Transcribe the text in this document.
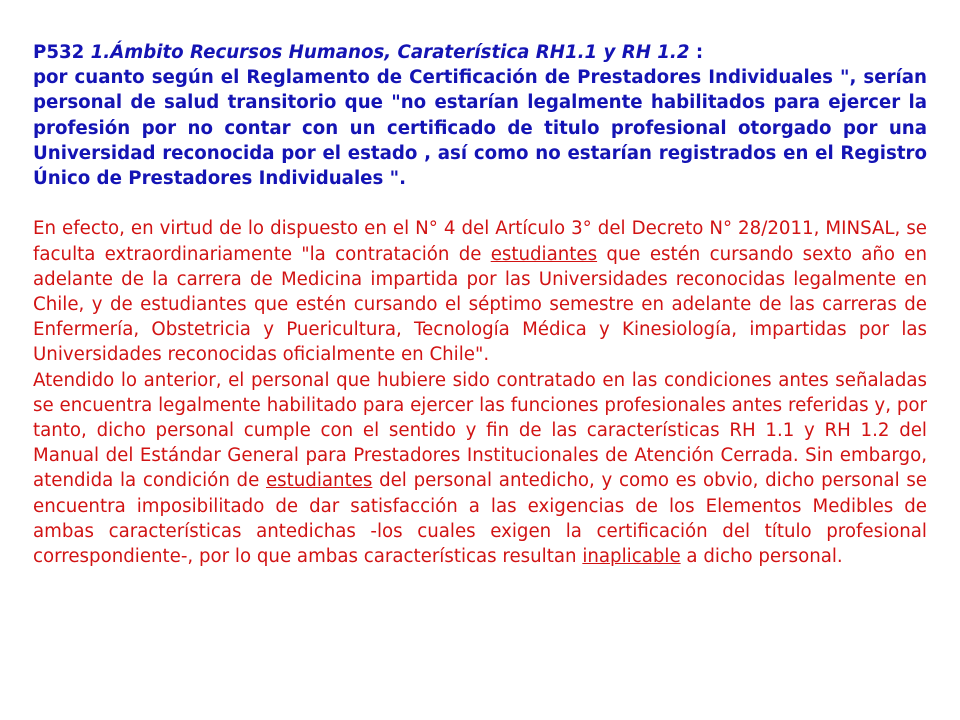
P532 1.Ámbito Recursos Humanos, Caraterística RH1.1 y RH 1.2 :
por cuanto según el Reglamento de Certificación de Prestadores Individuales ", serían personal de salud transitorio que "no estarían legalmente habilitados para ejercer la profesión por no contar con un certificado de titulo profesional otorgado por una Universidad reconocida por el estado , así como no estarían registrados en el Registro Único de Prestadores Individuales ".

En efecto, en virtud de lo dispuesto en el N° 4 del Artículo 3° del Decreto N° 28/2011, MINSAL, se faculta extraordinariamente "la contratación de estudiantes que estén cursando sexto año en adelante de la carrera de Medicina impartida por las Universidades reconocidas legalmente en Chile, y de estudiantes que estén cursando el séptimo semestre en adelante de las carreras de Enfermería, Obstetricia y Puericultura, Tecnología Médica y Kinesiología, impartidas por las Universidades reconocidas oficialmente en Chile".

Atendido lo anterior, el personal que hubiere sido contratado en las condiciones antes señaladas se encuentra legalmente habilitado para ejercer las funciones profesionales antes referidas y, por tanto, dicho personal cumple con el sentido y fin de las características RH 1.1 y RH 1.2 del Manual del Estándar General para Prestadores Institucionales de Atención Cerrada. Sin embargo, atendida la condición de estudiantes del personal antedicho, y como es obvio, dicho personal se encuentra imposibilitado de dar satisfacción a las exigencias de los Elementos Medibles de ambas características antedichas -los cuales exigen la certificación del título profesional correspondiente-, por lo que ambas características resultan inaplicable a dicho personal.
